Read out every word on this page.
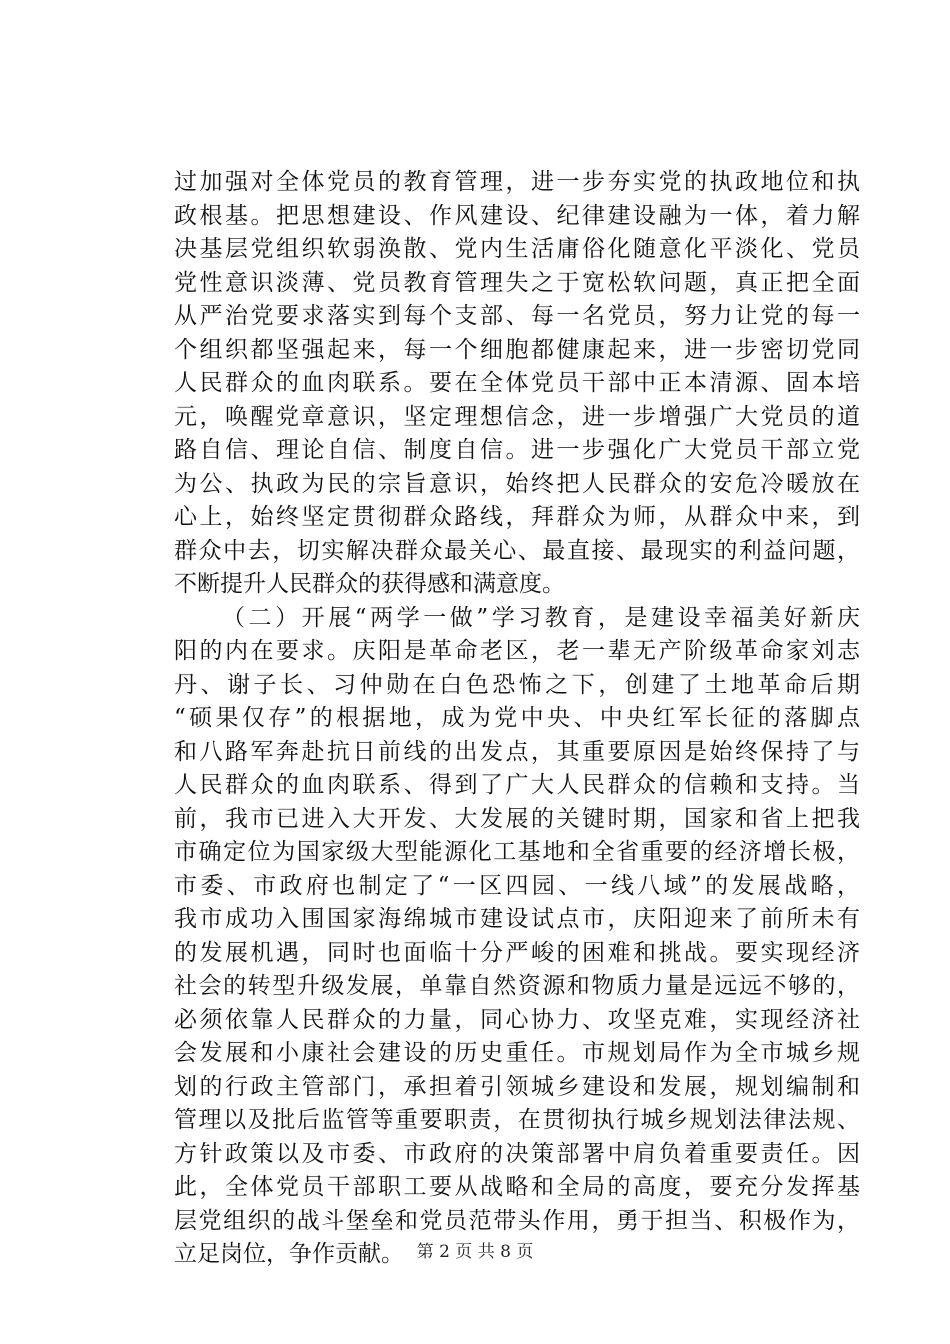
过加强对全体党员的教育管理，进一步夯实党的执政地位和执
政根基。把思想建设、作风建设、纪律建设融为一体，着力解
决基层党组织软弱涣散、党内生活庸俗化随意化平淡化、党员
党性意识淡薄、党员教育管理失之于宽松软问题，真正把全面
从严治党要求落实到每个支部、每一名党员，努力让党的每一
个组织都坚强起来，每一个细胞都健康起来，进一步密切党同
人民群众的血肉联系。要在全体党员干部中正本清源、固本培
元，唤醒党章意识，坚定理想信念，进一步增强广大党员的道
路自信、理论自信、制度自信。进一步强化广大党员干部立党
为公、执政为民的宗旨意识，始终把人民群众的安危冷暖放在
心上，始终坚定贯彻群众路线，拜群众为师，从群众中来，到
群众中去，切实解决群众最关心、最直接、最现实的利益问题，
不断提升人民群众的获得感和满意度。
（二）开展“两学一做”学习教育，是建设幸福美好新庆
阳的内在要求。庆阳是革命老区，老一辈无产阶级革命家刘志
丹、谢子长、习仲勋在白色恐怖之下，创建了土地革命后期
“硕果仅存”的根据地，成为党中央、中央红军长征的落脚点
和八路军奔赴抗日前线的出发点，其重要原因是始终保持了与
人民群众的血肉联系、得到了广大人民群众的信赖和支持。当
前，我市已进入大开发、大发展的关键时期，国家和省上把我
市确定位为国家级大型能源化工基地和全省重要的经济增长极，
市委、市政府也制定了“一区四园、一线八域”的发展战略，
我市成功入围国家海绵城市建设试点市，庆阳迎来了前所未有
的发展机遇，同时也面临十分严峻的困难和挑战。要实现经济
社会的转型升级发展，单靠自然资源和物质力量是远远不够的，
必须依靠人民群众的力量，同心协力、攻坚克难，实现经济社
会发展和小康社会建设的历史重任。市规划局作为全市城乡规
划的行政主管部门，承担着引领城乡建设和发展，规划编制和
管理以及批后监管等重要职责，在贯彻执行城乡规划法律法规、
方针政策以及市委、市政府的决策部署中肩负着重要责任。因
此，全体党员干部职工要从战略和全局的高度，要充分发挥基
层党组织的战斗堡垒和党员范带头作用，勇于担当、积极作为，
立足岗位，争作贡献。 第 2 页 共 8 页
